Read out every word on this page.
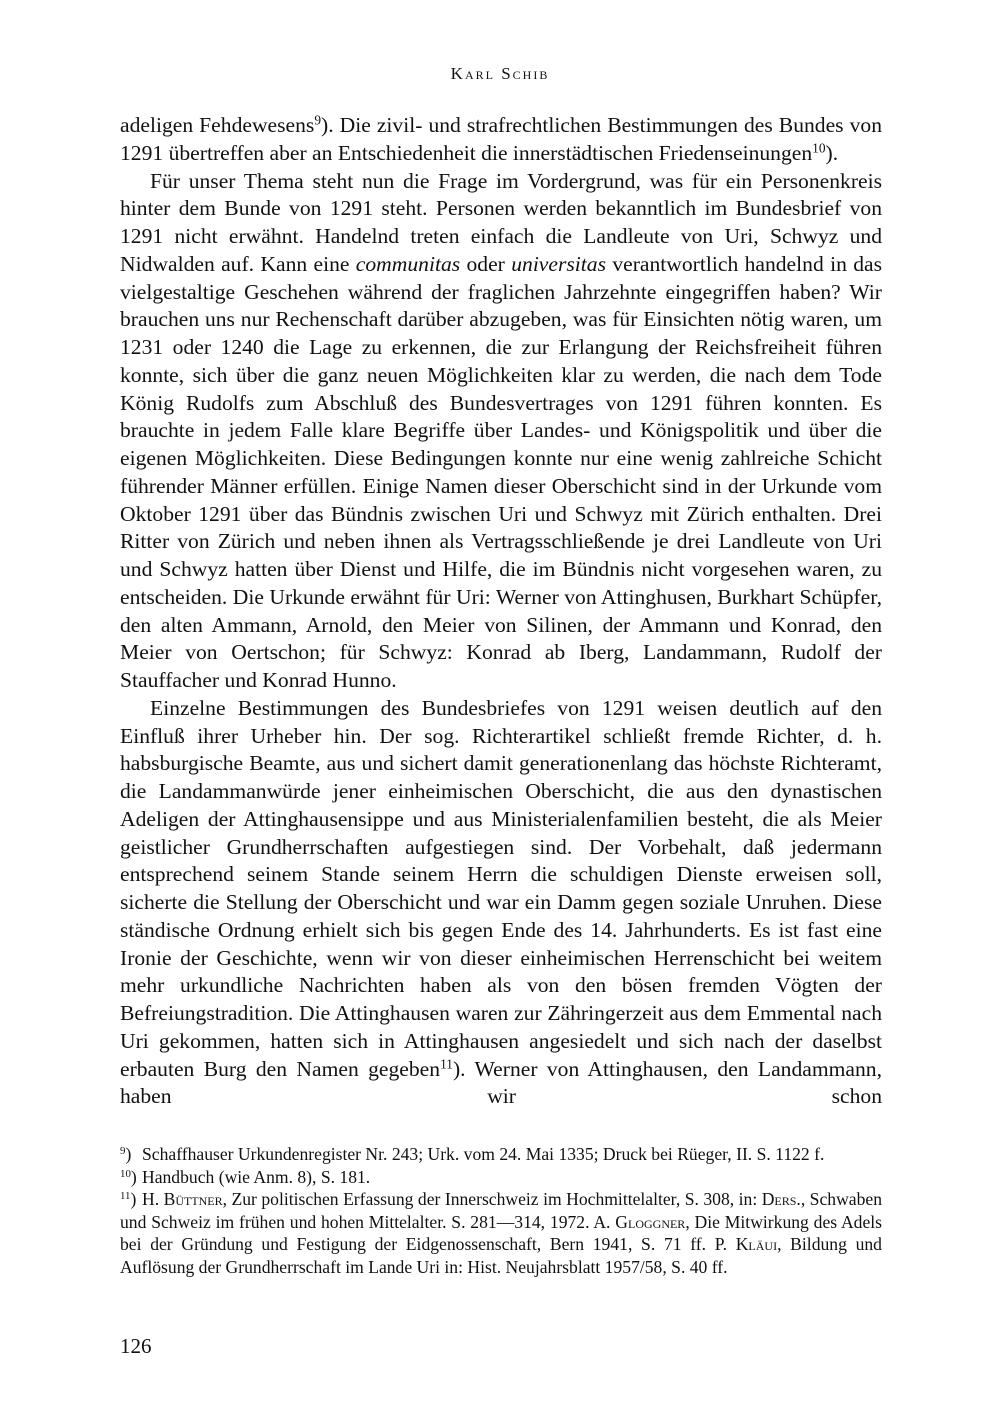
Karl Schib

adeligen Fehdewesens$^9$). Die zivil- und strafrechtlichen Bestimmungen des Bundes von 1291 übertreffen aber an Entschiedenheit die innerstädtischen Friedenseinungen$^{10}$).

Für unser Thema steht nun die Frage im Vordergrund, was für ein Personenkreis hinter dem Bunde von 1291 steht. Personen werden bekanntlich im Bundesbrief von 1291 nicht erwähnt. Handelnd treten einfach die Landleute von Uri, Schwyz und Nidwalden auf. Kann eine communitas oder universitas verantwortlich handelnd in das vielgestaltige Geschehen während der fraglichen Jahrzehnte eingegriffen haben? Wir brauchen uns nur Rechenschaft darüber abzugeben, was für Einsichten nötig waren, um 1231 oder 1240 die Lage zu erkennen, die zur Erlangung der Reichsfreiheit führen konnte, sich über die ganz neuen Möglichkeiten klar zu werden, die nach dem Tode König Rudolfs zum Abschluß des Bundesvertrages von 1291 führen konnten. Es brauchte in jedem Falle klare Begriffe über Landes- und Königspolitik und über die eigenen Möglichkeiten. Diese Bedingungen konnte nur eine wenig zahlreiche Schicht führender Männer erfüllen. Einige Namen dieser Oberschicht sind in der Urkunde vom Oktober 1291 über das Bündnis zwischen Uri und Schwyz mit Zürich enthalten. Drei Ritter von Zürich und neben ihnen als Vertragsschließende je drei Landleute von Uri und Schwyz hatten über Dienst und Hilfe, die im Bündnis nicht vorgesehen waren, zu entscheiden. Die Urkunde erwähnt für Uri: Werner von Attinghusen, Burkhart Schüpfer, den alten Ammann, Arnold, den Meier von Silinen, der Ammann und Konrad, den Meier von Oertschon; für Schwyz: Konrad ab Iberg, Landammann, Rudolf der Stauffacher und Konrad Hunno.

Einzelne Bestimmungen des Bundesbriefes von 1291 weisen deutlich auf den Einfluß ihrer Urheber hin. Der sog. Richterartikel schließt fremde Richter, d. h. habsburgische Beamte, aus und sichert damit generationenlang das höchste Richteramt, die Landammanwürde jener einheimischen Oberschicht, die aus den dynastischen Adeligen der Attinghausensippe und aus Ministerialenfamilien besteht, die als Meier geistlicher Grundherrschaften aufgestiegen sind. Der Vorbehalt, daß jedermann entsprechend seinem Stande seinem Herrn die schuldigen Dienste erweisen soll, sicherte die Stellung der Oberschicht und war ein Damm gegen soziale Unruhen. Diese ständische Ordnung erhielt sich bis gegen Ende des 14. Jahrhunderts. Es ist fast eine Ironie der Geschichte, wenn wir von dieser einheimischen Herrenschicht bei weitem mehr urkundliche Nachrichten haben als von den bösen fremden Vögten der Befreiungstradition. Die Attinghausen waren zur Zähringerzeit aus dem Emmental nach Uri gekommen, hatten sich in Attinghausen angesiedelt und sich nach der daselbst erbauten Burg den Namen gegeben$^{11}$). Werner von Attinghausen, den Landammann, haben wir schon

$^9$)Schaffhauser Urkundenregister Nr. 243; Urk. vom 24. Mai 1335; Druck bei Rüeger, II. S. 1122 f.

$^{10}$)Handbuch (wie Anm. 8), S. 181.

$^{11}$)H. Büttner, Zur politischen Erfassung der Innerschweiz im Hochmittelalter, S. 308, in: Ders., Schwaben und Schweiz im frühen und hohen Mittelalter. S. 281—314, 1972. A. Gloggner, Die Mitwirkung des Adels bei der Gründung und Festigung der Eidgenossenschaft, Bern 1941, S. 71 ff. P. Kläui, Bildung und Auflösung der Grundherrschaft im Lande Uri in: Hist. Neujahrsblatt 1957/58, S. 40 ff.

126
